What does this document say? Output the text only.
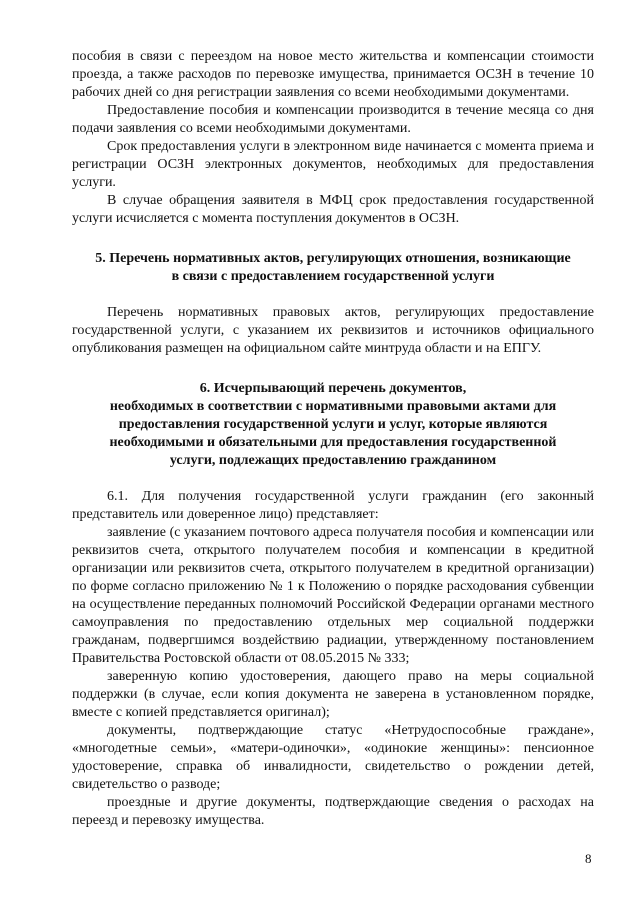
пособия в связи с переездом на новое место жительства и компенсации стоимости проезда, а также расходов по перевозке имущества, принимается ОСЗН в течение 10 рабочих дней со дня регистрации заявления со всеми необходимыми документами.

Предоставление пособия и компенсации производится в течение месяца со дня подачи заявления со всеми необходимыми документами.

Срок предоставления услуги в электронном виде начинается с момента приема и регистрации ОСЗН электронных документов, необходимых для предоставления услуги.

В случае обращения заявителя в МФЦ срок предоставления государственной услуги исчисляется с момента поступления документов в ОСЗН.

5. Перечень нормативных актов, регулирующих отношения, возникающие
в связи с предоставлением государственной услуги

Перечень нормативных правовых актов, регулирующих предоставление государственной услуги, с указанием их реквизитов и источников официального опубликования размещен на официальном сайте минтруда области и на ЕПГУ.

6. Исчерпывающий перечень документов,
необходимых в соответствии с нормативными правовыми актами для
предоставления государственной услуги и услуг, которые являются
необходимыми и обязательными для предоставления государственной
услуги, подлежащих предоставлению гражданином

6.1. Для получения государственной услуги гражданин (его законный представитель или доверенное лицо) представляет:

заявление (с указанием почтового адреса получателя пособия и компенсации или реквизитов счета, открытого получателем пособия и компенсации в кредитной организации или реквизитов счета, открытого получателем в кредитной организации) по форме согласно приложению № 1 к Положению о порядке расходования субвенции на осуществление переданных полномочий Российской Федерации органами местного самоуправления по предоставлению отдельных мер социальной поддержки гражданам, подвергшимся воздействию радиации, утвержденному постановлением Правительства Ростовской области от 08.05.2015 № 333;

заверенную копию удостоверения, дающего право на меры социальной поддержки (в случае, если копия документа не заверена в установленном порядке, вместе с копией представляется оригинал);

документы, подтверждающие статус «Нетрудоспособные граждане», «многодетные семьи», «матери-одиночки», «одинокие женщины»: пенсионное удостоверение, справка об инвалидности, свидетельство о рождении детей, свидетельство о разводе;

проездные и другие документы, подтверждающие сведения о расходах на переезд и перевозку имущества.

8
